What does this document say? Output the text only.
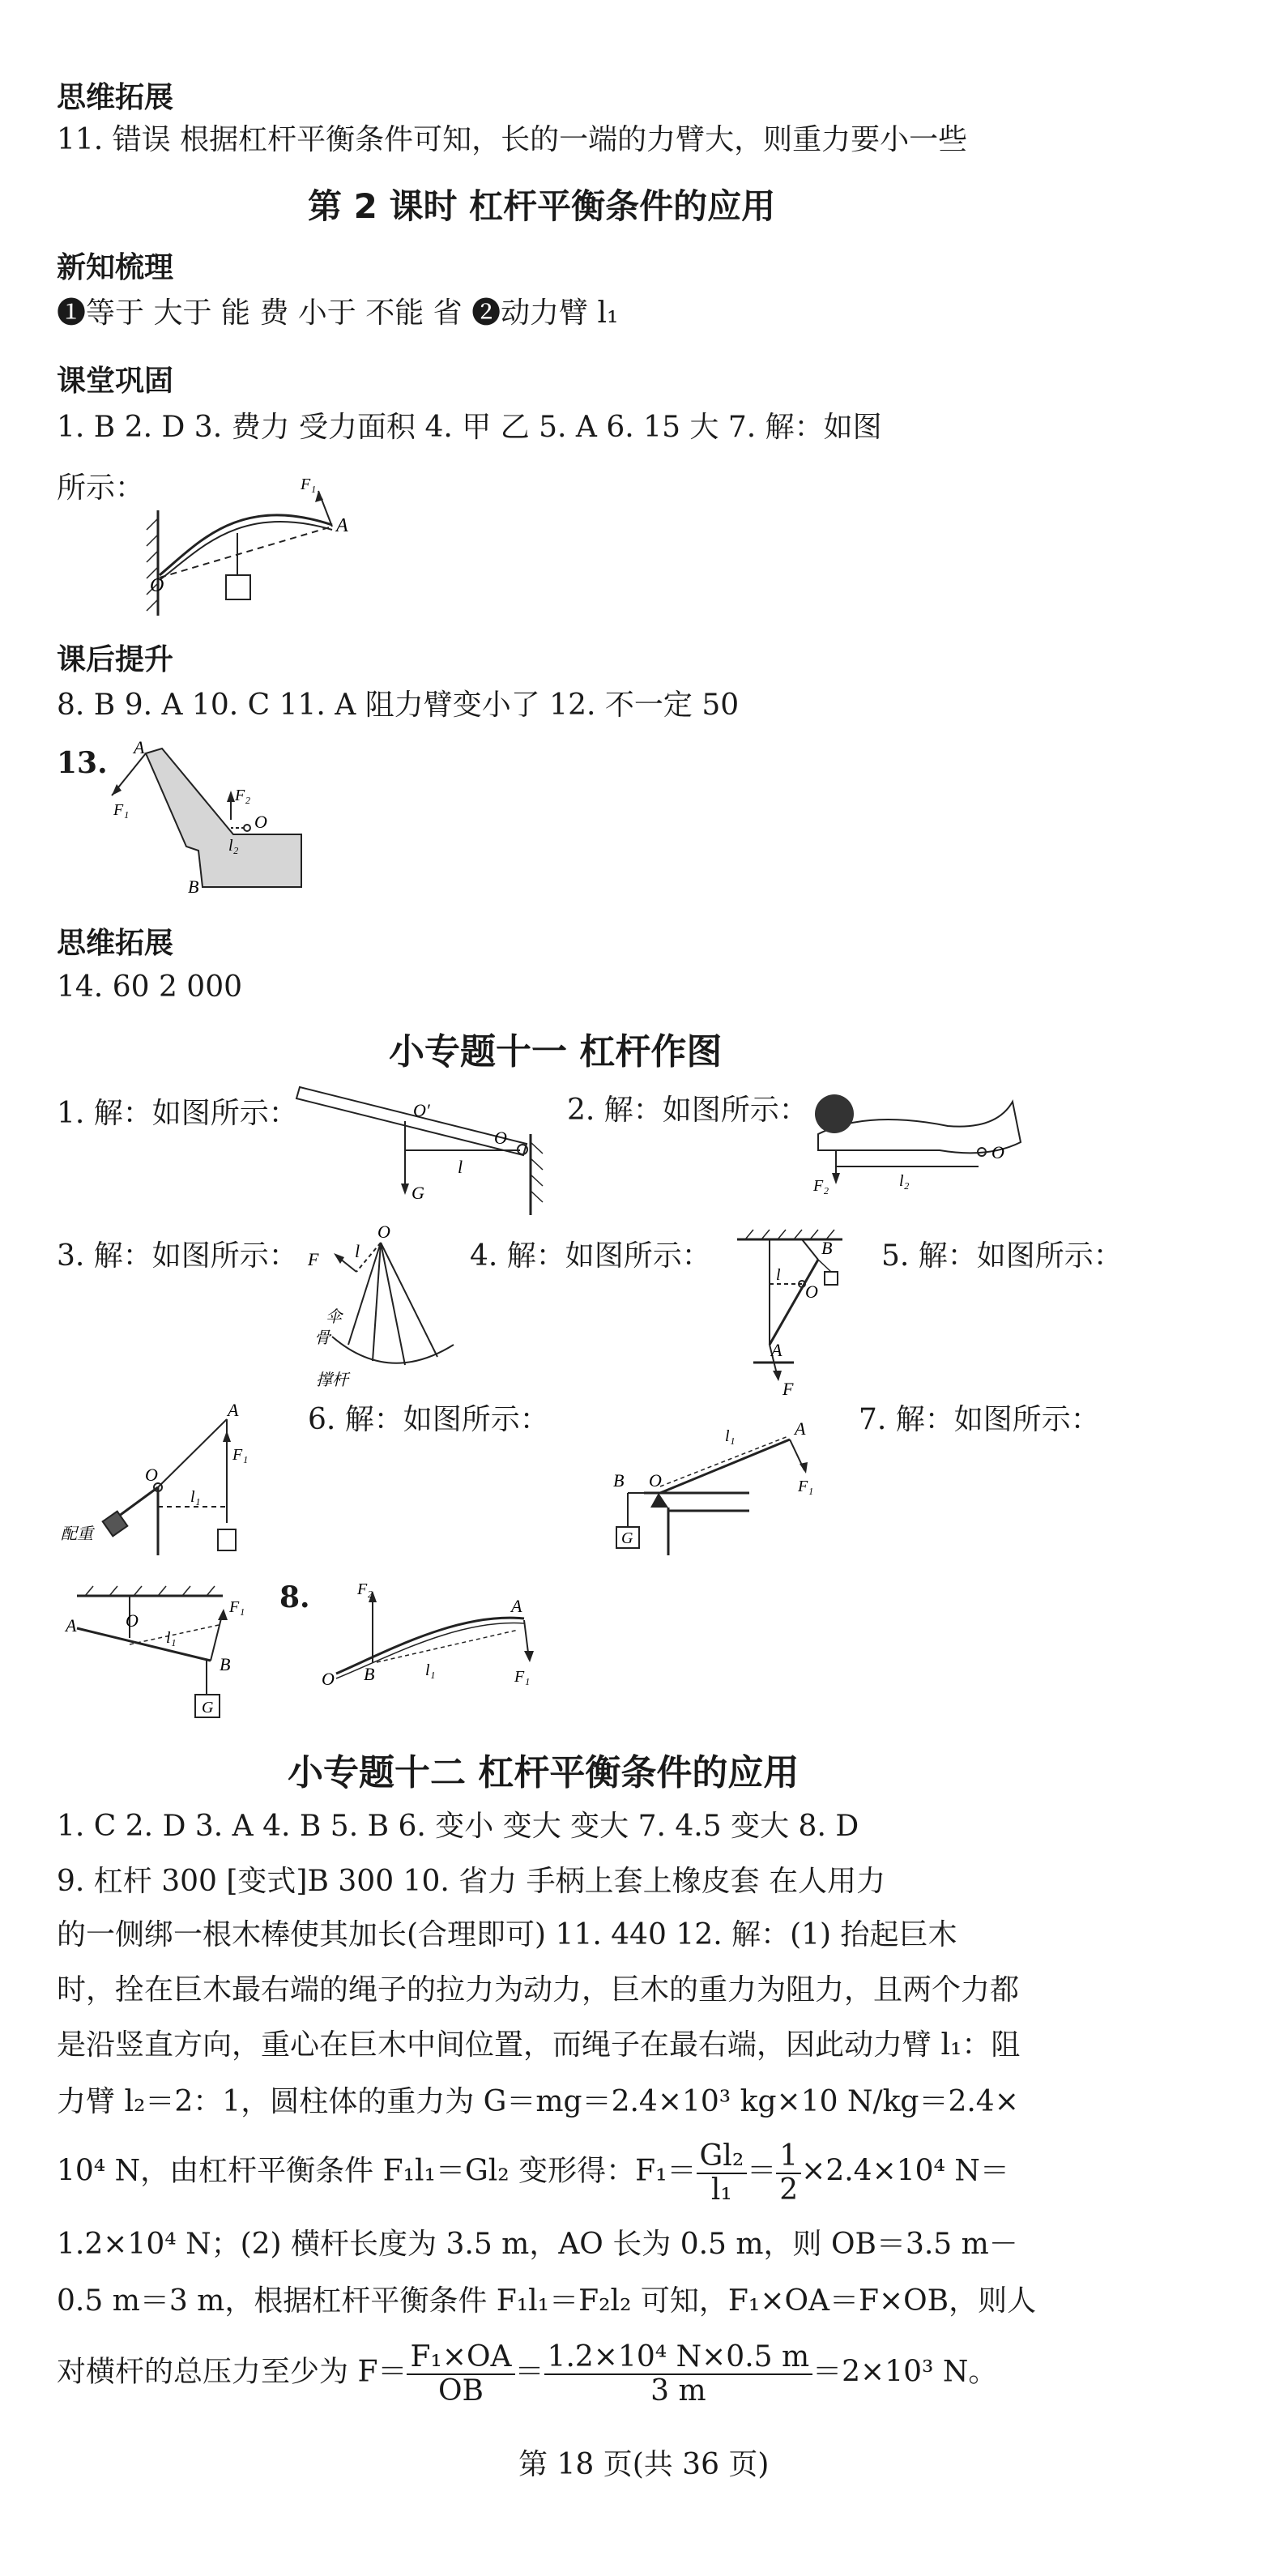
思维拓展
11. 错误 根据杠杆平衡条件可知，长的一端的力臂大，则重力要小一些
第 2 课时 杠杆平衡条件的应用
新知梳理
❶等于 大于 能 费 小于 不能 省 ❷动力臂 l₁
课堂巩固
1. B 2. D 3. 费力 受力面积 4. 甲 乙 5. A 6. 15 大 7. 解：如图
所示：	F₁
A
O
课后提升
8. B 9. A 10. C 11. A 阻力臂变小了 12. 不一定 50
13. A
F₁
F₂
O
l₂
B
思维拓展
14. 60 2 000
小专题十一 杠杆作图
1. 解：如图所示：	O′
O
l
G
2. 解：如图所示：
F₂	l₂
O
3. 解：如图所示： F l
O
伞
骨
撑杆
4. 解：如图所示：	B
l
O
A
F
5. 解：如图所示：
A
F₁
O
l₁
配重
6. 解：如图所示：	l₁	A
B O	F₁
G
7. 解：如图所示：
A	O
l₁
F₁
B
G
8.	F₂
A
O B	l₁	F₁
小专题十二 杠杆平衡条件的应用
1. C 2. D 3. A 4. B 5. B 6. 变小 变大 变大 7. 4.5 变大 8. D
9. 杠杆 300 [变式]B 300 10. 省力 手柄上套上橡皮套 在人用力
的一侧绑一根木棒使其加长(合理即可) 11. 440 12. 解：(1) 抬起巨木
时，拴在巨木最右端的绳子的拉力为动力，巨木的重力为阻力，且两个力都
是沿竖直方向，重心在巨木中间位置，而绳子在最右端，因此动力臂 l₁：阻
力臂 l₂＝2：1，圆柱体的重力为 G＝mg＝2.4×10³ kg×10 N/kg＝2.4×
10⁴ N，由杠杆平衡条件 F₁l₁＝Gl₂ 变形得：$F_1= \frac{\text{Gl₂}}{\text{l₁}} = \frac{1}{2} \times 2.4\times 10^4$ N＝
1.2×10⁴ N；(2) 横杆长度为 3.5 m，AO 长为 0.5 m，则 OB＝3.5 m－
0.5 m＝3 m，根据杠杆平衡条件 F₁l₁＝F₂l₂ 可知，F₁×OA＝F×OB，则人
对横杆的总压力至少为 $F= \frac{\text{F₁×OA}}{OB} = \frac{\text{1.2×10⁴ N×0.5 m}}{3 m} =2\times 10^3$ N。
第 18 页(共 36 页)
